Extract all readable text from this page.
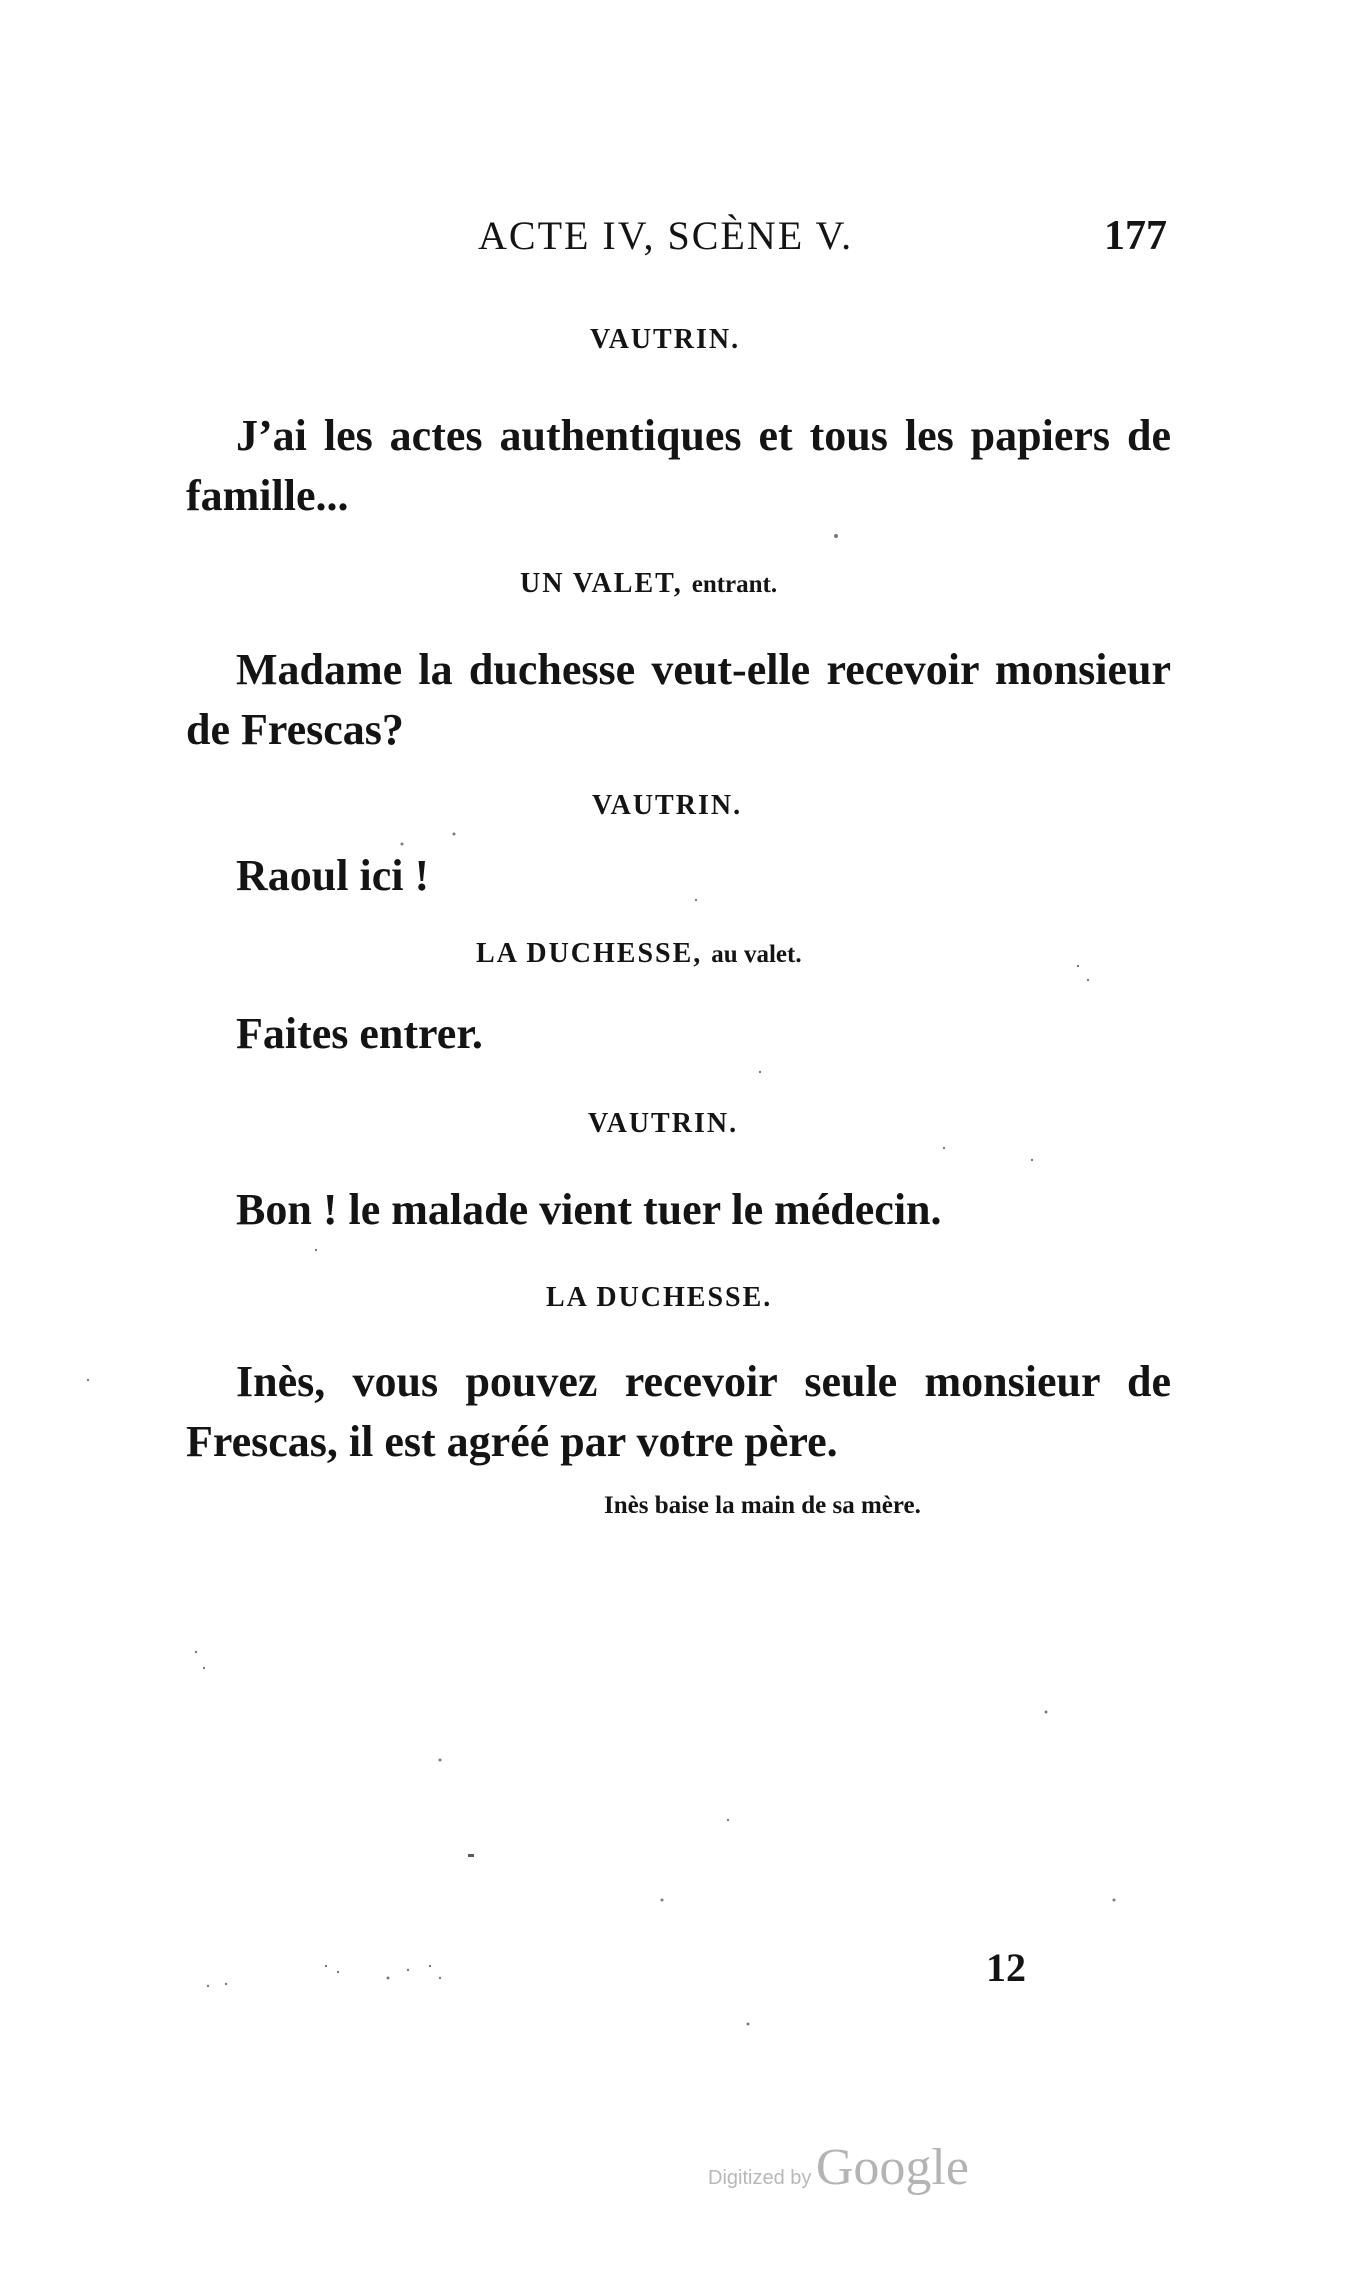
ACTE IV, SCÈNE V.	177
VAUTRIN.
J’ai les actes authentiques et tous les papiers de famille...
UN VALET, entrant.
Madame la duchesse veut-elle recevoir monsieur de Frescas?
VAUTRIN.
Raoul ici !
LA DUCHESSE, au valet.
Faites entrer.
VAUTRIN.
Bon ! le malade vient tuer le médecin.
LA DUCHESSE.
Inès, vous pouvez recevoir seule monsieur de Frescas, il est agréé par votre père.
Inès baise la main de sa mère.
12
Digitized by Google
